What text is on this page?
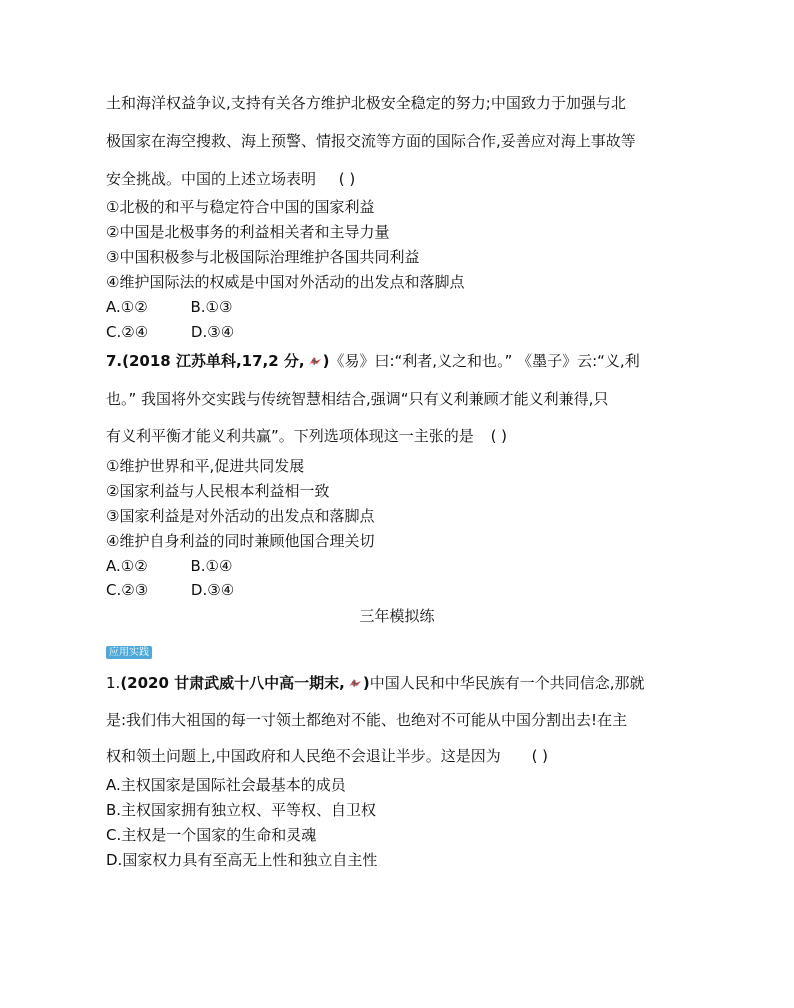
土和海洋权益争议,支持有关各方维护北极安全稳定的努力;中国致力于加强与北
极国家在海空搜救、海上预警、情报交流等方面的国际合作,妥善应对海上事故等
安全挑战。中国的上述立场表明 ( )
①北极的和平与稳定符合中国的国家利益
②中国是北极事务的利益相关者和主导力量
③中国积极参与北极国际治理维护各国共同利益
④维护国际法的权威是中国对外活动的出发点和落脚点
A.①②	B.①③
C.②④	D.③④
7.(2018 江苏单科,17,2 分, )《易》曰:“利者,义之和也。” 《墨子》云:“义,利
也。” 我国将外交实践与传统智慧相结合,强调“只有义利兼顾才能义利兼得,只
有义利平衡才能义利共赢”。下列选项体现这一主张的是 ( )
①维护世界和平,促进共同发展
②国家利益与人民根本利益相一致
③国家利益是对外活动的出发点和落脚点
④维护自身利益的同时兼顾他国合理关切
A.①②	B.①④
C.②③	D.③④
三年模拟练
应用实践
1.(2020 甘肃武威十八中高一期末, )中国人民和中华民族有一个共同信念,那就
是:我们伟大祖国的每一寸领土都绝对不能、也绝对不可能从中国分割出去!在主
权和领土问题上,中国政府和人民绝不会退让半步。这是因为 ( )
A.主权国家是国际社会最基本的成员
B.主权国家拥有独立权、平等权、自卫权
C.主权是一个国家的生命和灵魂
D.国家权力具有至高无上性和独立自主性
